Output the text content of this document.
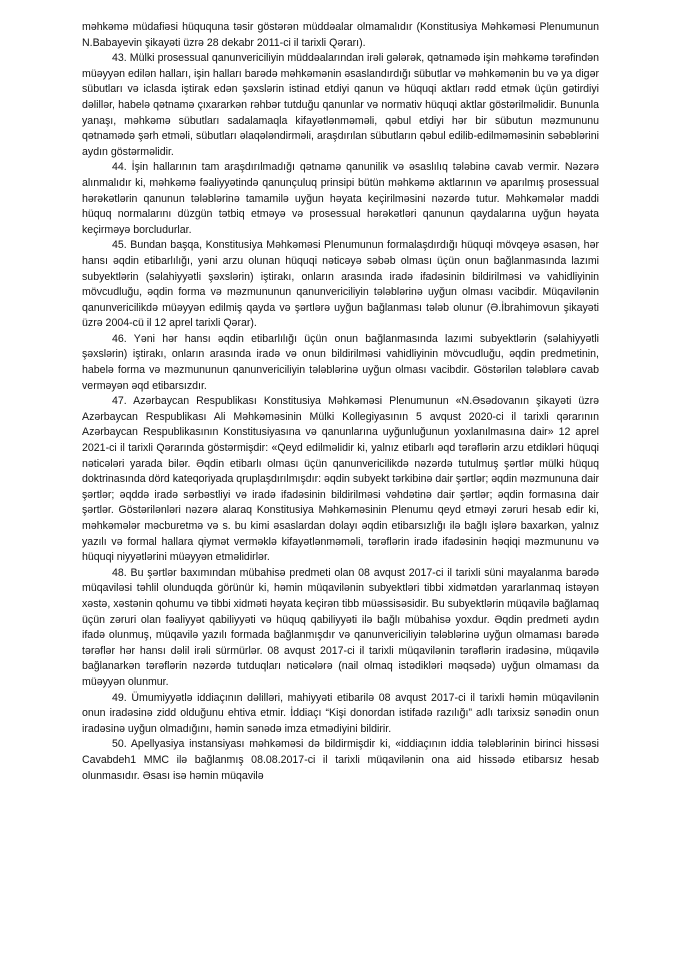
məhkəmə müdafiəsi hüququna təsir göstərən müddəalar olmamalıdır (Konstitusiya Məhkəməsi Plenumunun N.Babayevin şikayəti üzrə 28 dekabr 2011-ci il tarixli Qərarı).

43. Mülki prosessual qanunvericiliyin müddəalarından irəli gələrək, qətnamədə işin məhkəmə tərəfindən müəyyən edilən halları, işin halları barədə məhkəmənin əsaslandırdığı sübutlar və məhkəmənin bu və ya digər sübutları və iclasda iştirak edən şəxslərin istinad etdiyi qanun və hüquqi aktları rədd etmək üçün gətirdiyi dəlillər, habelə qətnamə çıxararkən rəhbər tutduğu qanunlar və normativ hüquqi aktlar göstərilməlidir. Bununla yanaşı, məhkəmə sübutları sadalamaqla kifayətlənməməli, qəbul etdiyi hər bir sübutun məzmununu qətnamədə şərh etməli, sübutları əlaqələndirməli, araşdırılan sübutların qəbul edilib-edilməməsinin səbəblərini aydın göstərməlidir.

44. İşin hallarının tam araşdırılmadığı qətnamə qanunilik və əsaslılıq tələbinə cavab vermir. Nəzərə alınmalıdır ki, məhkəmə fəaliyyətində qanunçuluq prinsipi bütün məhkəmə aktlarının və aparılmış prosessual hərəkətlərin qanunun tələblərinə tamamilə uyğun həyata keçirilməsini nəzərdə tutur. Məhkəmələr maddi hüquq normalarını düzgün tətbiq etməyə və prosessual hərəkətləri qanunun qaydalarına uyğun həyata keçirməyə borcludurlar.

45. Bundan başqa, Konstitusiya Məhkəməsi Plenumunun formalaşdırdığı hüquqi mövqeyə əsasən, hər hansı əqdin etibarlılığı, yəni arzu olunan hüquqi nəticəyə səbəb olması üçün onun bağlanmasında lazımi subyektlərin (səlahiyyətli şəxslərin) iştirakı, onların arasında iradə ifadəsinin bildirilməsi və vahidliyinin mövcudluğu, əqdin forma və məzmununun qanunvericiliyin tələblərinə uyğun olması vacibdir. Müqavilənin qanunvericilikdə müəyyən edilmiş qayda və şərtlərə uyğun bağlanması tələb olunur (Ə.İbrahimovun şikayəti üzrə 2004-cü il 12 aprel tarixli Qərar).

46. Yəni hər hansı əqdin etibarlılığı üçün onun bağlanmasında lazımi subyektlərin (səlahiyyətli şəxslərin) iştirakı, onların arasında iradə və onun bildirilməsi vahidliyinin mövcudluğu, əqdin predmetinin, habelə forma və məzmununun qanunvericiliyin tələblərinə uyğun olması vacibdir. Göstərilən tələblərə cavab verməyən əqd etibarsızdır.

47. Azərbaycan Respublikası Konstitusiya Məhkəməsi Plenumunun «N.Əsədovanın şikayəti üzrə Azərbaycan Respublikası Ali Məhkəməsinin Mülki Kollegiyasının 5 avqust 2020-ci il tarixli qərarının Azərbaycan Respublikasının Konstitusiyasına və qanunlarına uyğunluğunun yoxlanılmasına dair» 12 aprel 2021-ci il tarixli Qərarında göstərmişdir: «Qeyd edilməlidir ki, yalnız etibarlı əqd tərəflərin arzu etdikləri hüquqi nəticələri yarada bilər. Əqdin etibarlı olması üçün qanunvericilikdə nəzərdə tutulmuş şərtlər mülki hüquq doktrinasında dörd kateqoriyada qruplaşdırılmışdır: əqdin subyekt tərkibinə dair şərtlər; əqdin məzmununa dair şərtlər; əqddə iradə sərbəstliyi və iradə ifadəsinin bildirilməsi vəhdətinə dair şərtlər; əqdin formasına dair şərtlər. Göstərilənləri nəzərə alaraq Konstitusiya Məhkəməsinin Plenumu qeyd etməyi zəruri hesab edir ki, məhkəmələr məcburetmə və s. bu kimi əsaslardan dolayı əqdin etibarsızlığı ilə bağlı işlərə baxarkən, yalnız yazılı və formal hallara qiymət verməklə kifayətlənməməli, tərəflərin iradə ifadəsinin həqiqi məzmununu və hüquqi niyyətlərini müəyyən etməlidirlər.

48. Bu şərtlər baxımından mübahisə predmeti olan 08 avqust 2017-ci il tarixli süni mayalanma barədə müqaviləsi təhlil olunduqda görünür ki, həmin müqavilənin subyektləri tibbi xidmətdən yararlanmaq istəyən xəstə, xəstənin qohumu və tibbi xidməti həyata keçirən tibb müəssisəsidir. Bu subyektlərin müqavilə bağlamaq üçün zəruri olan fəaliyyət qabiliyyəti və hüquq qabiliyyəti ilə bağlı mübahisə yoxdur. Əqdin predmeti aydın ifadə olunmuş, müqavilə yazılı formada bağlanmışdır və qanunvericiliyin tələblərinə uyğun olmaması barədə tərəflər hər hansı dəlil irəli sürmürlər. 08 avqust 2017-ci il tarixli müqavilənin tərəflərin iradəsinə, müqavilə bağlanarkən tərəflərin nəzərdə tutduqları nəticələrə (nail olmaq istədikləri məqsədə) uyğun olmaması da müəyyən olunmur.

49. Ümumiyyətlə iddiaçının dəlilləri, mahiyyəti etibarilə 08 avqust 2017-ci il tarixli həmin müqavilənin onun iradəsinə zidd olduğunu ehtiva etmir. İddiaçı “Kişi donordan istifadə razılığı” adlı tarixsiz sənədin onun iradəsinə uyğun olmadığını, həmin sənədə imza etmədiyini bildirir.

50. Apellyasiya instansiyası məhkəməsi də bildirmişdir ki, «iddiaçının iddia tələblərinin birinci hissəsi Cavabdeh1 MMC ilə bağlanmış 08.08.2017-ci il tarixli müqavilənin ona aid hissədə etibarsız hesab olunmasıdır. Əsası isə həmin müqavilə
